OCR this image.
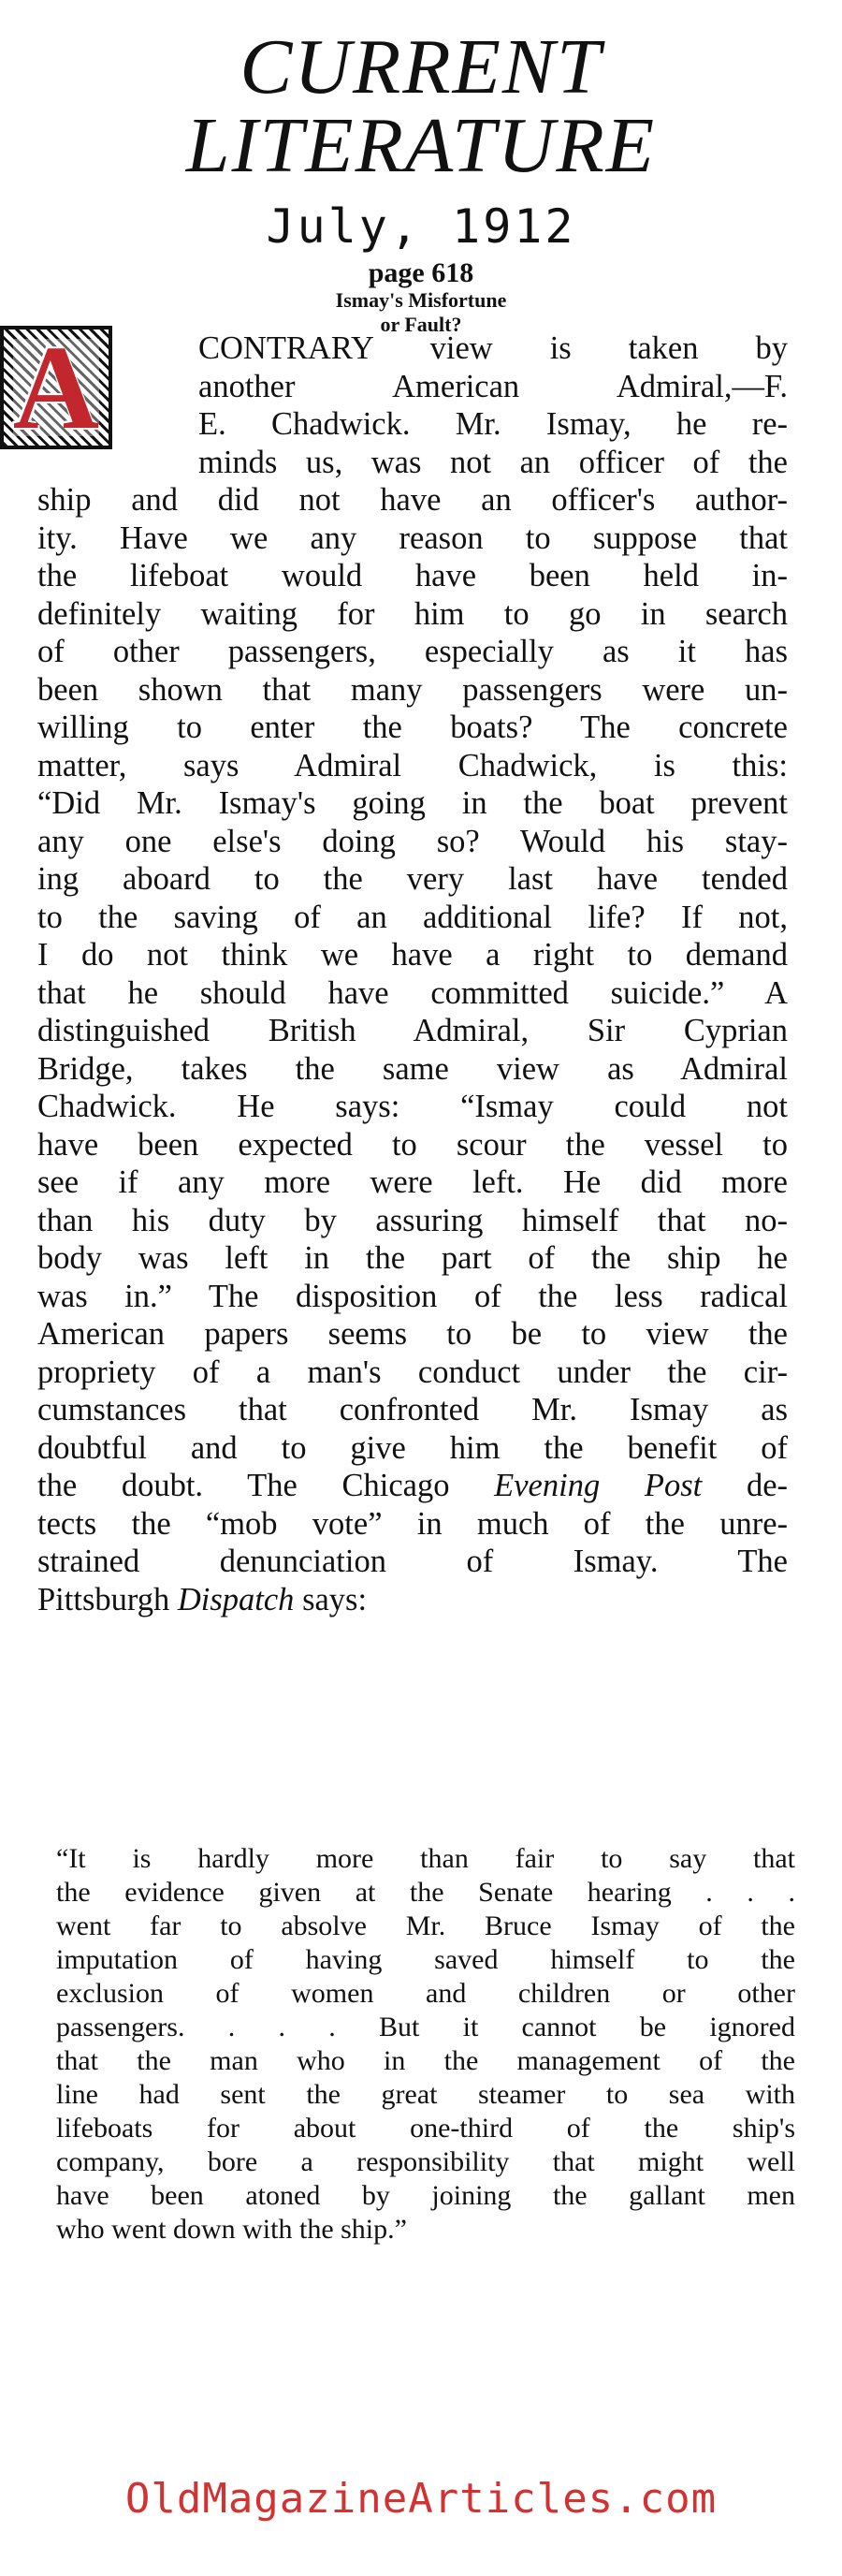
CURRENT
LITERATURE
July, 1912
page 618
Ismay's Misfortune
or Fault?
A	CONTRARY view is taken by
another American Admiral,—F.
E. Chadwick. Mr. Ismay, he re-
minds us, was not an officer of the
ship and did not have an officer's author-
ity. Have we any reason to suppose that
the lifeboat would have been held in-
definitely waiting for him to go in search
of other passengers, especially as it has
been shown that many passengers were un-
willing to enter the boats? The concrete
matter, says Admiral Chadwick, is this:
“Did Mr. Ismay's going in the boat prevent
any one else's doing so? Would his stay-
ing aboard to the very last have tended
to the saving of an additional life? If not,
I do not think we have a right to demand
that he should have committed suicide.” A
distinguished British Admiral, Sir Cyprian
Bridge, takes the same view as Admiral
Chadwick. He says: “Ismay could not
have been expected to scour the vessel to
see if any more were left. He did more
than his duty by assuring himself that no-
body was left in the part of the ship he
was in.” The disposition of the less radical
American papers seems to be to view the
propriety of a man's conduct under the cir-
cumstances that confronted Mr. Ismay as
doubtful and to give him the benefit of
the doubt. The Chicago Evening Post de-
tects the “mob vote” in much of the unre-
strained denunciation of Ismay. The
Pittsburgh Dispatch says:
“It is hardly more than fair to say that
the evidence given at the Senate hearing . . .
went far to absolve Mr. Bruce Ismay of the
imputation of having saved himself to the
exclusion of women and children or other
passengers. . . . But it cannot be ignored
that the man who in the management of the
line had sent the great steamer to sea with
lifeboats for about one-third of the ship's
company, bore a responsibility that might well
have been atoned by joining the gallant men
who went down with the ship.”
OldMagazineArticles.com
